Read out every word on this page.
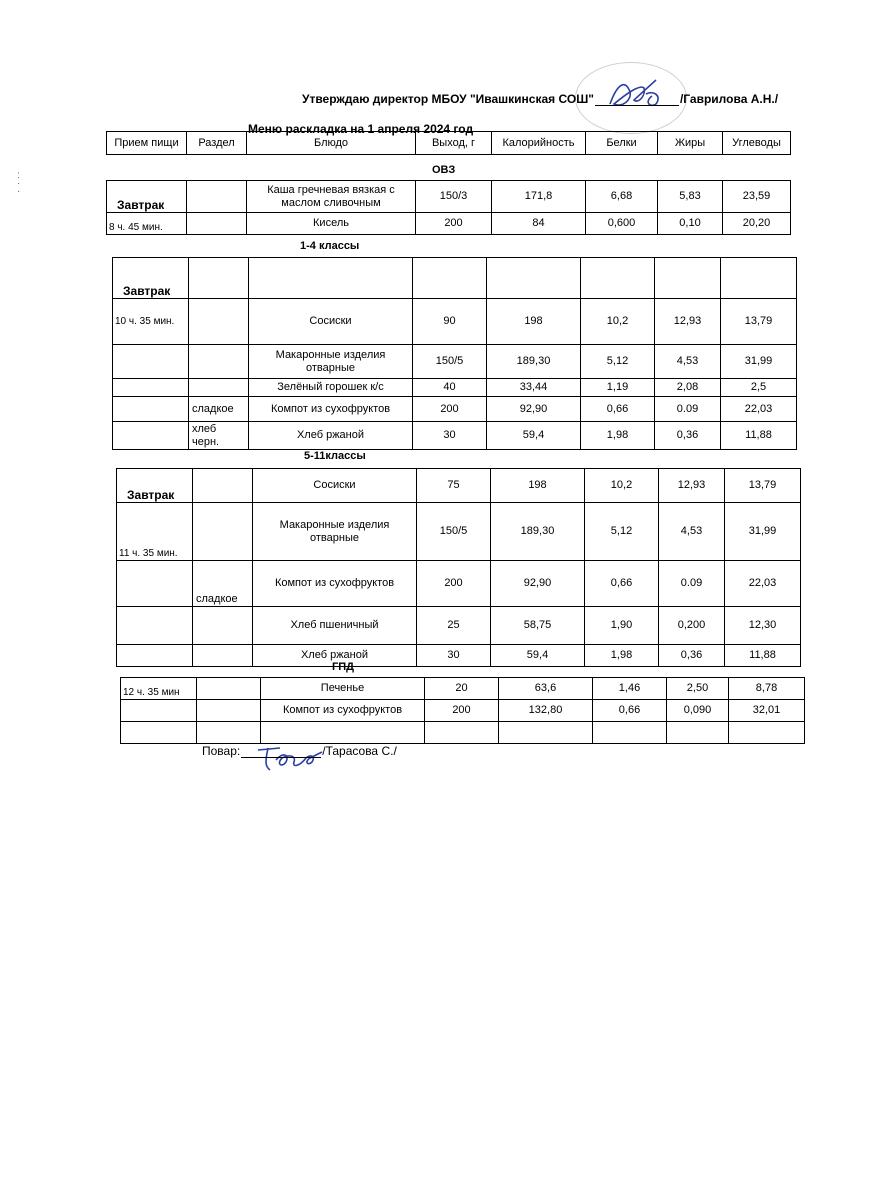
:
·
·
Утверждаю директор МБОУ "Ивашкинская СОШ"	/Гаврилова А.Н./
Меню раскладка на 1 апреля 2024 год
Прием пищи	Раздел	Блюдо	Выход, г	Калорийность	Белки	Жиры	Углеводы
ОВЗ
Завтрак		Каша гречневая вязкая с маслом сливочным	150/3	171,8	6,68	5,83	23,59
8 ч. 45 мин.		Кисель	200	84	0,600	0,10	20,20
1-4 классы
Завтрак							
10 ч. 35 мин.		Сосиски	90	198	10,2	12,93	13,79
		Макаронные изделия отварные	150/5	189,30	5,12	4,53	31,99
		Зелёный горошек к/с	40	33,44	1,19	2,08	2,5
	сладкое	Компот из сухофруктов	200	92,90	0,66	0.09	22,03
	хлеб черн.	Хлеб ржаной	30	59,4	1,98	0,36	11,88
5-11классы
Завтрак		Сосиски	75	198	10,2	12,93	13,79
11 ч. 35 мин.		Макаронные изделия отварные	150/5	189,30	5,12	4,53	31,99
	сладкое	Компот из сухофруктов	200	92,90	0,66	0.09	22,03
		Хлеб пшеничный	25	58,75	1,90	0,200	12,30
		Хлеб ржаной	30	59,4	1,98	0,36	11,88
ГПД
12 ч. 35 мин		Печенье	20	63,6	1,46	2,50	8,78
		Компот из сухофруктов	200	132,80	0,66	0,090	32,01

Повар:	/Тарасова С./
